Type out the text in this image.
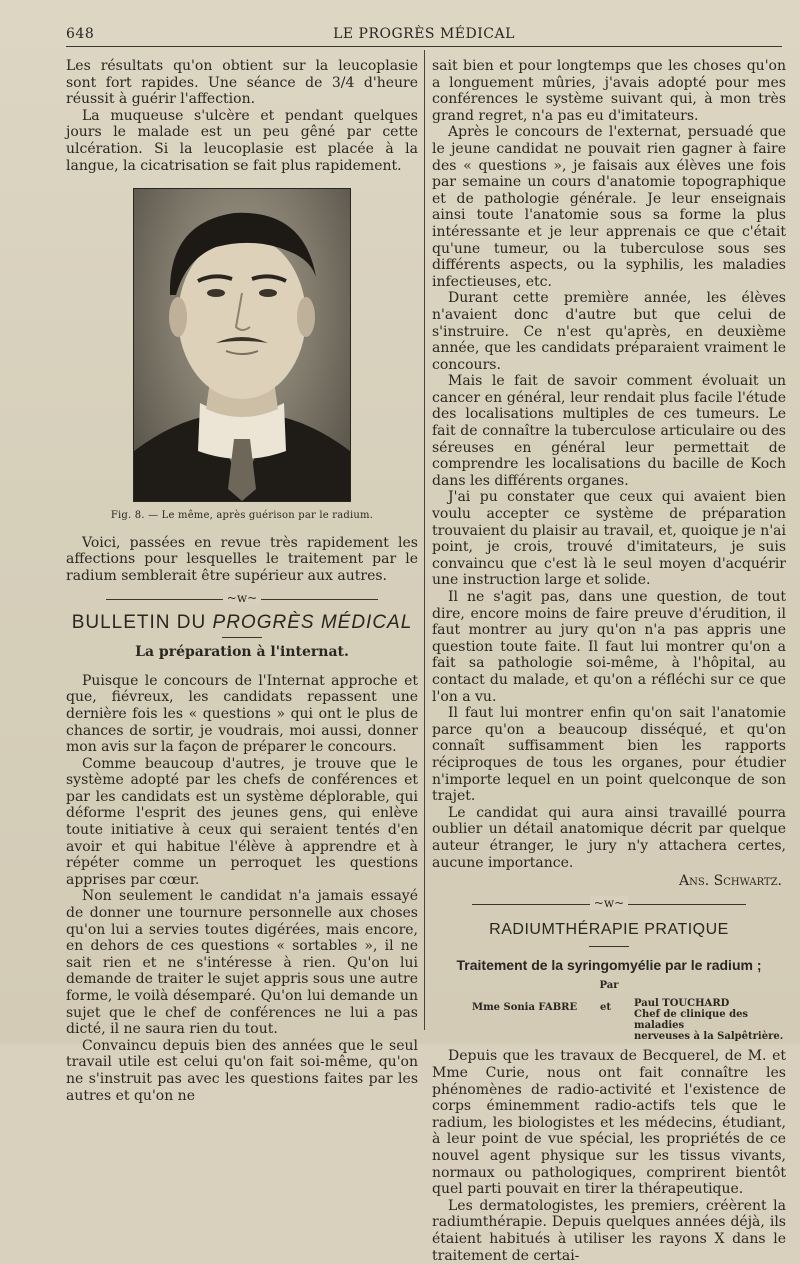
648	LE PROGRÈS MÉDICAL

Les résultats qu'on obtient sur la leucoplasie sont fort rapides. Une séance de 3/4 d'heure réussit à guérir l'affection.

La muqueuse s'ulcère et pendant quelques jours le malade est un peu gêné par cette ulcération. Si la leucoplasie est placée à la langue, la cicatrisation se fait plus rapidement.

Fig. 8. — Le même, après guérison par le radium.

Voici, passées en revue très rapidement les affections pour lesquelles le traitement par le radium semblerait être supérieur aux autres.

~w~
BULLETIN DU PROGRÈS MÉDICAL
La préparation à l'internat.

Puisque le concours de l'Internat approche et que, fiévreux, les candidats repassent une dernière fois les « questions » qui ont le plus de chances de sortir, je voudrais, moi aussi, donner mon avis sur la façon de préparer le concours.

Comme beaucoup d'autres, je trouve que le système adopté par les chefs de conférences et par les candidats est un système déplorable, qui déforme l'esprit des jeunes gens, qui enlève toute initiative à ceux qui seraient tentés d'en avoir et qui habitue l'élève à apprendre et à répéter comme un perroquet les questions apprises par cœur.

Non seulement le candidat n'a jamais essayé de donner une tournure personnelle aux choses qu'on lui a servies toutes digérées, mais encore, en dehors de ces questions « sortables », il ne sait rien et ne s'intéresse à rien. Qu'on lui demande de traiter le sujet appris sous une autre forme, le voilà désemparé. Qu'on lui demande un sujet que le chef de conférences ne lui a pas dicté, il ne saura rien du tout.

Convaincu depuis bien des années que le seul travail utile est celui qu'on fait soi-même, qu'on ne s'instruit pas avec les questions faites par les autres et qu'on ne

sait bien et pour longtemps que les choses qu'on a longuement mûries, j'avais adopté pour mes conférences le système suivant qui, à mon très grand regret, n'a pas eu d'imitateurs.

Après le concours de l'externat, persuadé que le jeune candidat ne pouvait rien gagner à faire des « questions », je faisais aux élèves une fois par semaine un cours d'anatomie topographique et de pathologie générale. Je leur enseignais ainsi toute l'anatomie sous sa forme la plus intéressante et je leur apprenais ce que c'était qu'une tumeur, ou la tuberculose sous ses différents aspects, ou la syphilis, les maladies infectieuses, etc.

Durant cette première année, les élèves n'avaient donc d'autre but que celui de s'instruire. Ce n'est qu'après, en deuxième année, que les candidats préparaient vraiment le concours.

Mais le fait de savoir comment évoluait un cancer en général, leur rendait plus facile l'étude des localisations multiples de ces tumeurs. Le fait de connaître la tuberculose articulaire ou des séreuses en général leur permettait de comprendre les localisations du bacille de Koch dans les différents organes.

J'ai pu constater que ceux qui avaient bien voulu accepter ce système de préparation trouvaient du plaisir au travail, et, quoique je n'ai point, je crois, trouvé d'imitateurs, je suis convaincu que c'est là le seul moyen d'acquérir une instruction large et solide.

Il ne s'agit pas, dans une question, de tout dire, encore moins de faire preuve d'érudition, il faut montrer au jury qu'on n'a pas appris une question toute faite. Il faut lui montrer qu'on a fait sa pathologie soi-même, à l'hôpital, au contact du malade, et qu'on a réfléchi sur ce que l'on a vu.

Il faut lui montrer enfin qu'on sait l'anatomie parce qu'on a beaucoup disséqué, et qu'on connaît suffisamment bien les rapports réciproques de tous les organes, pour étudier n'importe lequel en un point quelconque de son trajet.

Le candidat qui aura ainsi travaillé pourra oublier un détail anatomique décrit par quelque auteur étranger, le jury n'y attachera certes, aucune importance.

Ans. Schwartz.
~w~
RADIUMTHÉRAPIE PRATIQUE
Traitement de la syringomyélie par le radium ;
Par
Mme Sonia FABRE et Paul TOUCHARD
Chef de clinique des maladies
nerveuses à la Salpêtrière.

Depuis que les travaux de Becquerel, de M. et Mme Curie, nous ont fait connaître les phénomènes de radio-activité et l'existence de corps éminemment radio-actifs tels que le radium, les biologistes et les médecins, étudiant, à leur point de vue spécial, les propriétés de ce nouvel agent physique sur les tissus vivants, normaux ou pathologiques, comprirent bientôt quel parti pouvait en tirer la thérapeutique.

Les dermatologistes, les premiers, créèrent la radiumthérapie. Depuis quelques années déjà, ils étaient habitués à utiliser les rayons X dans le traitement de certai-
